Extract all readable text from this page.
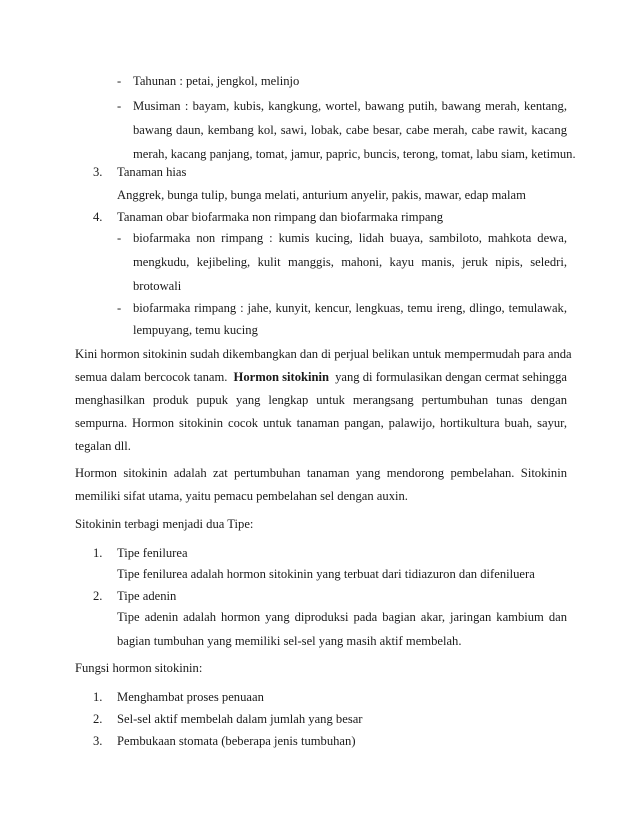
- Tahunan : petai, jengkol, melinjo
- Musiman : bayam, kubis, kangkung, wortel, bawang putih, bawang merah, kentang,
bawang daun, kembang kol, sawi, lobak, cabe besar, cabe merah, cabe rawit, kacang
merah, kacang panjang, tomat, jamur, papric, buncis, terong, tomat, labu siam, ketimun.
3. Tanaman hias
Anggrek, bunga tulip, bunga melati, anturium anyelir, pakis, mawar, edap malam
4. Tanaman obar biofarmaka non rimpang dan biofarmaka rimpang
- biofarmaka non rimpang : kumis kucing, lidah buaya, sambiloto, mahkota dewa,
mengkudu, kejibeling, kulit manggis, mahoni, kayu manis, jeruk nipis, seledri,
brotowali
- biofarmaka rimpang : jahe, kunyit, kencur, lengkuas, temu ireng, dlingo, temulawak,
lempuyang, temu kucing
Kini hormon sitokinin sudah dikembangkan dan di perjual belikan untuk mempermudah para anda
semua dalam bercocok tanam. Hormon sitokinin yang di formulasikan dengan cermat sehingga
menghasilkan produk pupuk yang lengkap untuk merangsang pertumbuhan tunas dengan
sempurna. Hormon sitokinin cocok untuk tanaman pangan, palawijo, hortikultura buah, sayur,
tegalan dll.
Hormon sitokinin adalah zat pertumbuhan tanaman yang mendorong pembelahan. Sitokinin
memiliki sifat utama, yaitu pemacu pembelahan sel dengan auxin.
Sitokinin terbagi menjadi dua Tipe:
1. Tipe fenilurea
Tipe fenilurea adalah hormon sitokinin yang terbuat dari tidiazuron dan difeniluera
2. Tipe adenin
Tipe adenin adalah hormon yang diproduksi pada bagian akar, jaringan kambium dan
bagian tumbuhan yang memiliki sel-sel yang masih aktif membelah.
Fungsi hormon sitokinin:
1. Menghambat proses penuaan
2. Sel-sel aktif membelah dalam jumlah yang besar
3. Pembukaan stomata (beberapa jenis tumbuhan)
